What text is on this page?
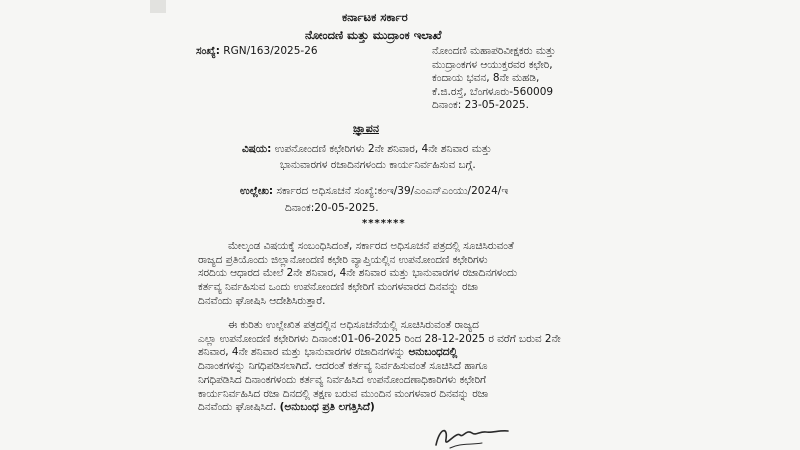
ಕರ್ನಾಟಕ ಸರ್ಕಾರ
ನೋಂದಣಿ ಮತ್ತು ಮುದ್ರಾಂಕ ಇಲಾಖೆ
ಸಂಖ್ಯೆ: RGN/163/2025-26	ನೋಂದಣಿ ಮಹಾಪರಿವೀಕ್ಷಕರು ಮತ್ತು
ಮುದ್ರಾಂಕಗಳ ಆಯುಕ್ತರವರ ಕಛೇರಿ,
ಕಂದಾಯ ಭವನ, 8ನೇ ಮಹಡಿ,
ಕೆ.ಜಿ.ರಸ್ತೆ, ಬೆಂಗಳೂರು-560009
ದಿನಾಂಕ: 23-05-2025.
ಜ್ಞಾಪನ
ವಿಷಯ: ಉಪನೋಂದಣಿ ಕಛೇರಿಗಳು 2ನೇ ಶನಿವಾರ, 4ನೇ ಶನಿವಾರ ಮತ್ತು
ಭಾನುವಾರಗಳ ರಜಾದಿನಗಳಂದು ಕಾರ್ಯನಿರ್ವಹಿಸುವ ಬಗ್ಗೆ.
ಉಲ್ಲೇಖ: ಸರ್ಕಾರದ ಅಧಿಸೂಚನೆ ಸಂಖ್ಯೆ:ಕಂಇ/39/ಎಂಎನ್ಎಂಯು/2024/ಇ
ದಿನಾಂಕ:20-05-2025.
*******
ಮೇಲ್ಕಂಡ ವಿಷಯಕ್ಕೆ ಸಂಬಂಧಿಸಿದಂತೆ, ಸರ್ಕಾರದ ಅಧಿಸೂಚನೆ ಪತ್ರದಲ್ಲಿ ಸೂಚಿಸಿರುವಂತೆ
ರಾಜ್ಯದ ಪ್ರತಿಯೊಂದು ಜಿಲ್ಲಾನೋಂದಣಿ ಕಛೇರಿ ವ್ಯಾಪ್ತಿಯಲ್ಲಿನ ಉಪನೋಂದಣಿ ಕಛೇರಿಗಳು
ಸರದಿಯ ಆಧಾರದ ಮೇಲೆ 2ನೇ ಶನಿವಾರ, 4ನೇ ಶನಿವಾರ ಮತ್ತು ಭಾನುವಾರಗಳ ರಜಾದಿನಗಳಂದು
ಕರ್ತವ್ಯ ನಿರ್ವಹಿಸುವ ಒಂದು ಉಪನೋಂದಣಿ ಕಛೇರಿಗೆ ಮಂಗಳವಾರದ ದಿನವನ್ನು ರಜಾ
ದಿನವೆಂದು ಘೋಷಿಸಿ ಆದೇಶಿಸಿರುತ್ತಾರೆ.
ಈ ಕುರಿತು ಉಲ್ಲೇಖಿತ ಪತ್ರದಲ್ಲಿನ ಅಧಿಸೂಚನೆಯಲ್ಲಿ ಸೂಚಿಸಿರುವಂತೆ ರಾಜ್ಯದ
ಎಲ್ಲಾ ಉಪನೋಂದಣಿ ಕಛೇರಿಗಳು ದಿನಾಂಕ:01-06-2025 ರಿಂದ 28-12-2025 ರ ವರೆಗೆ ಬರುವ 2ನೇ
ಶನಿವಾರ, 4ನೇ ಶನಿವಾರ ಮತ್ತು ಭಾನುವಾರಗಳ ರಜಾದಿನಗಳನ್ನು ಅನುಬಂಧದಲ್ಲಿ
ದಿನಾಂಕಗಳನ್ನು ನಿಗಧಿಪಡಿಸಲಾಗಿದೆ. ಆದರಂತೆ ಕರ್ತವ್ಯ ನಿರ್ವಹಿಸುವಂತೆ ಸೂಚಿಸಿದೆ ಹಾಗೂ
ನಿಗಧಿಪಡಿಸಿದ ದಿನಾಂಕಗಳಂದು ಕರ್ತವ್ಯ ನಿರ್ವಹಿಸಿದ ಉಪನೋಂದಣಾಧಿಕಾರಿಗಳು ಕಛೇರಿಗೆ
ಕಾರ್ಯನಿರ್ವಹಿಸಿದ ರಜಾ ದಿನದಲ್ಲಿ ತಕ್ಷಣ ಬರುವ ಮುಂದಿನ ಮಂಗಳವಾರ ದಿನವನ್ನು ರಜಾ
ದಿನವೆಂದು ಘೋಷಿಸಿದೆ. (ಅನುಬಂಧ ಪ್ರತಿ ಲಗತ್ತಿಸಿದೆ)
